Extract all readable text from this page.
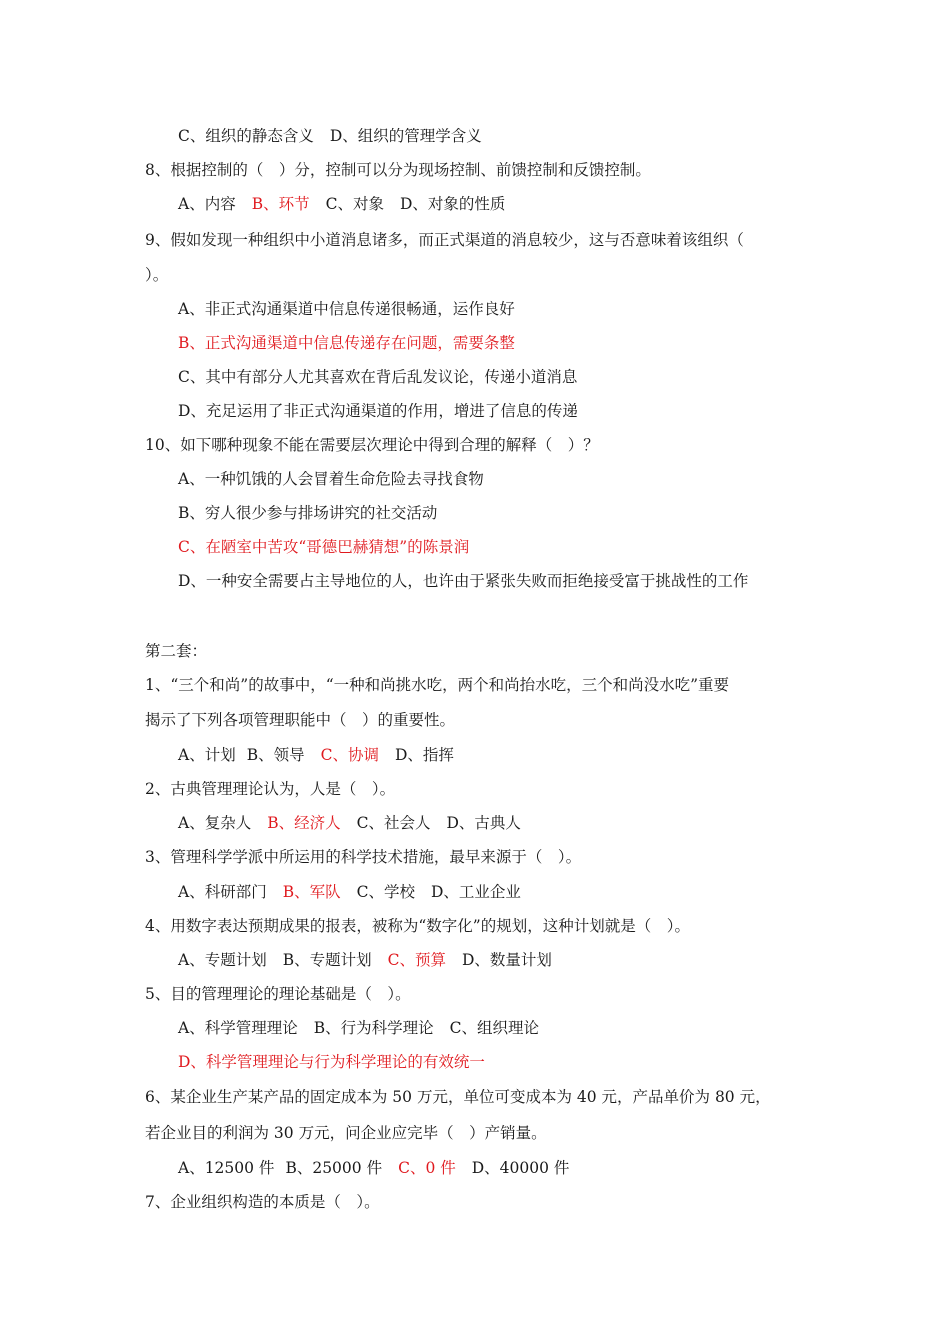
C、组织的静态含义 D、组织的管理学含义
8、根据控制的（　）分，控制可以分为现场控制、前馈控制和反馈控制。
A、内容 B、环节 C、对象 D、对象的性质
9、假如发现一种组织中小道消息诸多，而正式渠道的消息较少，这与否意味着该组织（
）。
A、非正式沟通渠道中信息传递很畅通，运作良好
B、正式沟通渠道中信息传递存在问题，需要条整
C、其中有部分人尤其喜欢在背后乱发议论，传递小道消息
D、充足运用了非正式沟通渠道的作用，增进了信息的传递
10、如下哪种现象不能在需要层次理论中得到合理的解释（　）？
A、一种饥饿的人会冒着生命危险去寻找食物
B、穷人很少参与排场讲究的社交活动
C、在陋室中苦攻“哥德巴赫猜想”的陈景润
D、一种安全需要占主导地位的人，也许由于紧张失败而拒绝接受富于挑战性的工作
第二套：
1、“三个和尚”的故事中，“一种和尚挑水吃，两个和尚抬水吃，三个和尚没水吃”重要
揭示了下列各项管理职能中（　）的重要性。
A、计划 B、领导 C、协调 D、指挥
2、古典管理理论认为，人是（　）。
A、复杂人 B、经济人 C、社会人 D、古典人
3、管理科学学派中所运用的科学技术措施，最早来源于（　）。
A、科研部门 B、军队 C、学校 D、工业企业
4、用数字表达预期成果的报表，被称为“数字化”的规划，这种计划就是（　）。
A、专题计划 B、专题计划 C、预算 D、数量计划
5、目的管理理论的理论基础是（　）。
A、科学管理理论 B、行为科学理论 C、组织理论
D、科学管理理论与行为科学理论的有效统一
6、某企业生产某产品的固定成本为 50 万元，单位可变成本为 40 元，产品单价为 80 元，
若企业目的利润为 30 万元，问企业应完毕（　）产销量。
A、12500 件 B、25000 件 C、0 件 D、40000 件
7、企业组织构造的本质是（　）。
